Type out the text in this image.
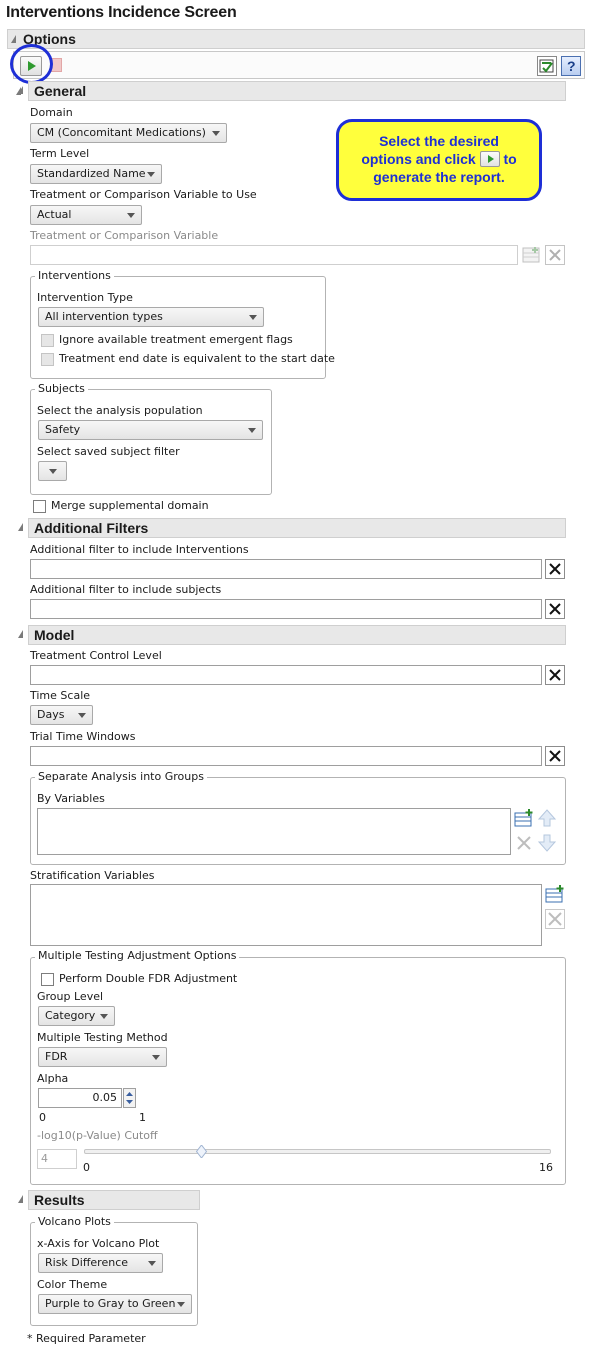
Interventions Incidence Screen
Options
?
General
Domain
CM (Concomitant Medications)
Term Level
Standardized Name
Treatment or Comparison Variable to Use
Actual
Select the desired
options and click to
generate the report.
Treatment or Comparison Variable
Interventions
Intervention Type
All intervention types
Ignore available treatment emergent flags
Treatment end date is equivalent to the start date
Subjects
Select the analysis population
Safety
Select saved subject filter
Merge supplemental domain
Additional Filters
Additional filter to include Interventions
Additional filter to include subjects
Model
Treatment Control Level
Time Scale
Days
Trial Time Windows
Separate Analysis into Groups
By Variables
Stratification Variables
Multiple Testing Adjustment Options
Perform Double FDR Adjustment
Group Level
Category
Multiple Testing Method
FDR
Alpha
0.05
0	1
-log10(p-Value) Cutoff
4
0	16
Results
Volcano Plots
x-Axis for Volcano Plot
Risk Difference
Color Theme
Purple to Gray to Green
* Required Parameter
